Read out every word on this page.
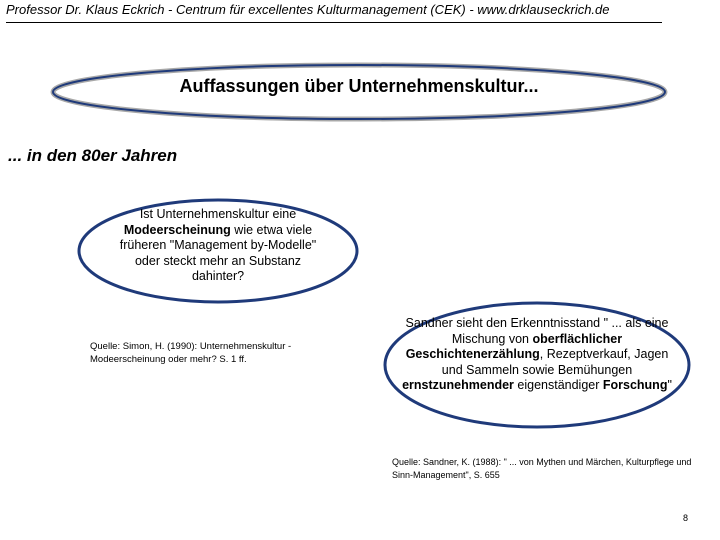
Professor Dr. Klaus Eckrich - Centrum für excellentes Kulturmanagement (CEK) - www.drklauseckrich.de
Auffassungen über Unternehmenskultur...
... in den 80er Jahren
Ist Unternehmenskultur eine
Modeerscheinung wie etwa viele früheren "Management by-Modelle" oder steckt mehr an Substanz dahinter?
Quelle: Simon, H. (1990): Unternehmenskultur - Modeerscheinung oder mehr? S. 1 ff.
Sandner sieht den Erkenntnisstand " ... als eine Mischung von oberflächlicher Geschichtenerzählung, Rezeptverkauf, Jagen und Sammeln sowie Bemühungen ernstzunehmender eigenständiger Forschung"
Quelle: Sandner, K. (1988): " ... von Mythen und Märchen, Kulturpflege und Sinn-Management", S. 655
8
